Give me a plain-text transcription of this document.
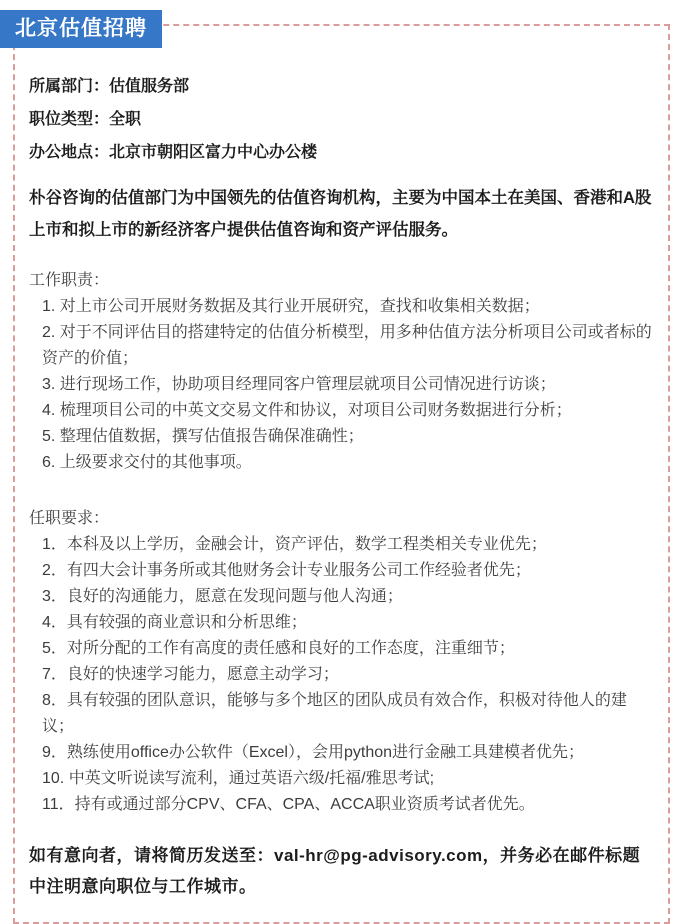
北京估值招聘
所属部门：估值服务部
职位类型：全职
办公地点：北京市朝阳区富力中心办公楼

朴谷咨询的估值部门为中国领先的估值咨询机构，主要为中国本土在美国、香港和A股上市和拟上市的新经济客户提供估值咨询和资产评估服务。

工作职责：
1. 对上市公司开展财务数据及其行业开展研究，查找和收集相关数据；
2. 对于不同评估目的搭建特定的估值分析模型，用多种估值方法分析项目公司或者标的资产的价值；
3. 进行现场工作，协助项目经理同客户管理层就项目公司情况进行访谈；
4. 梳理项目公司的中英文交易文件和协议，对项目公司财务数据进行分析；
5. 整理估值数据，撰写估值报告确保准确性；
6. 上级要求交付的其他事项。
任职要求：
1．本科及以上学历，金融会计，资产评估，数学工程类相关专业优先；
2．有四大会计事务所或其他财务会计专业服务公司工作经验者优先；
3．良好的沟通能力，愿意在发现问题与他人沟通；
4．具有较强的商业意识和分析思维；
5．对所分配的工作有高度的责任感和良好的工作态度，注重细节；
7．良好的快速学习能力，愿意主动学习；
8．具有较强的团队意识，能够与多个地区的团队成员有效合作，积极对待他人的建议；
9．熟练使用office办公软件（Excel），会用python进行金融工具建模者优先；
10. 中英文听说读写流利，通过英语六级/托福/雅思考试;
11．持有或通过部分CPV、CFA、CPA、ACCA职业资质考试者优先。

如有意向者，请将简历发送至：val-hr@pg-advisory.com，并务必在邮件标题中注明意向职位与工作城市。
